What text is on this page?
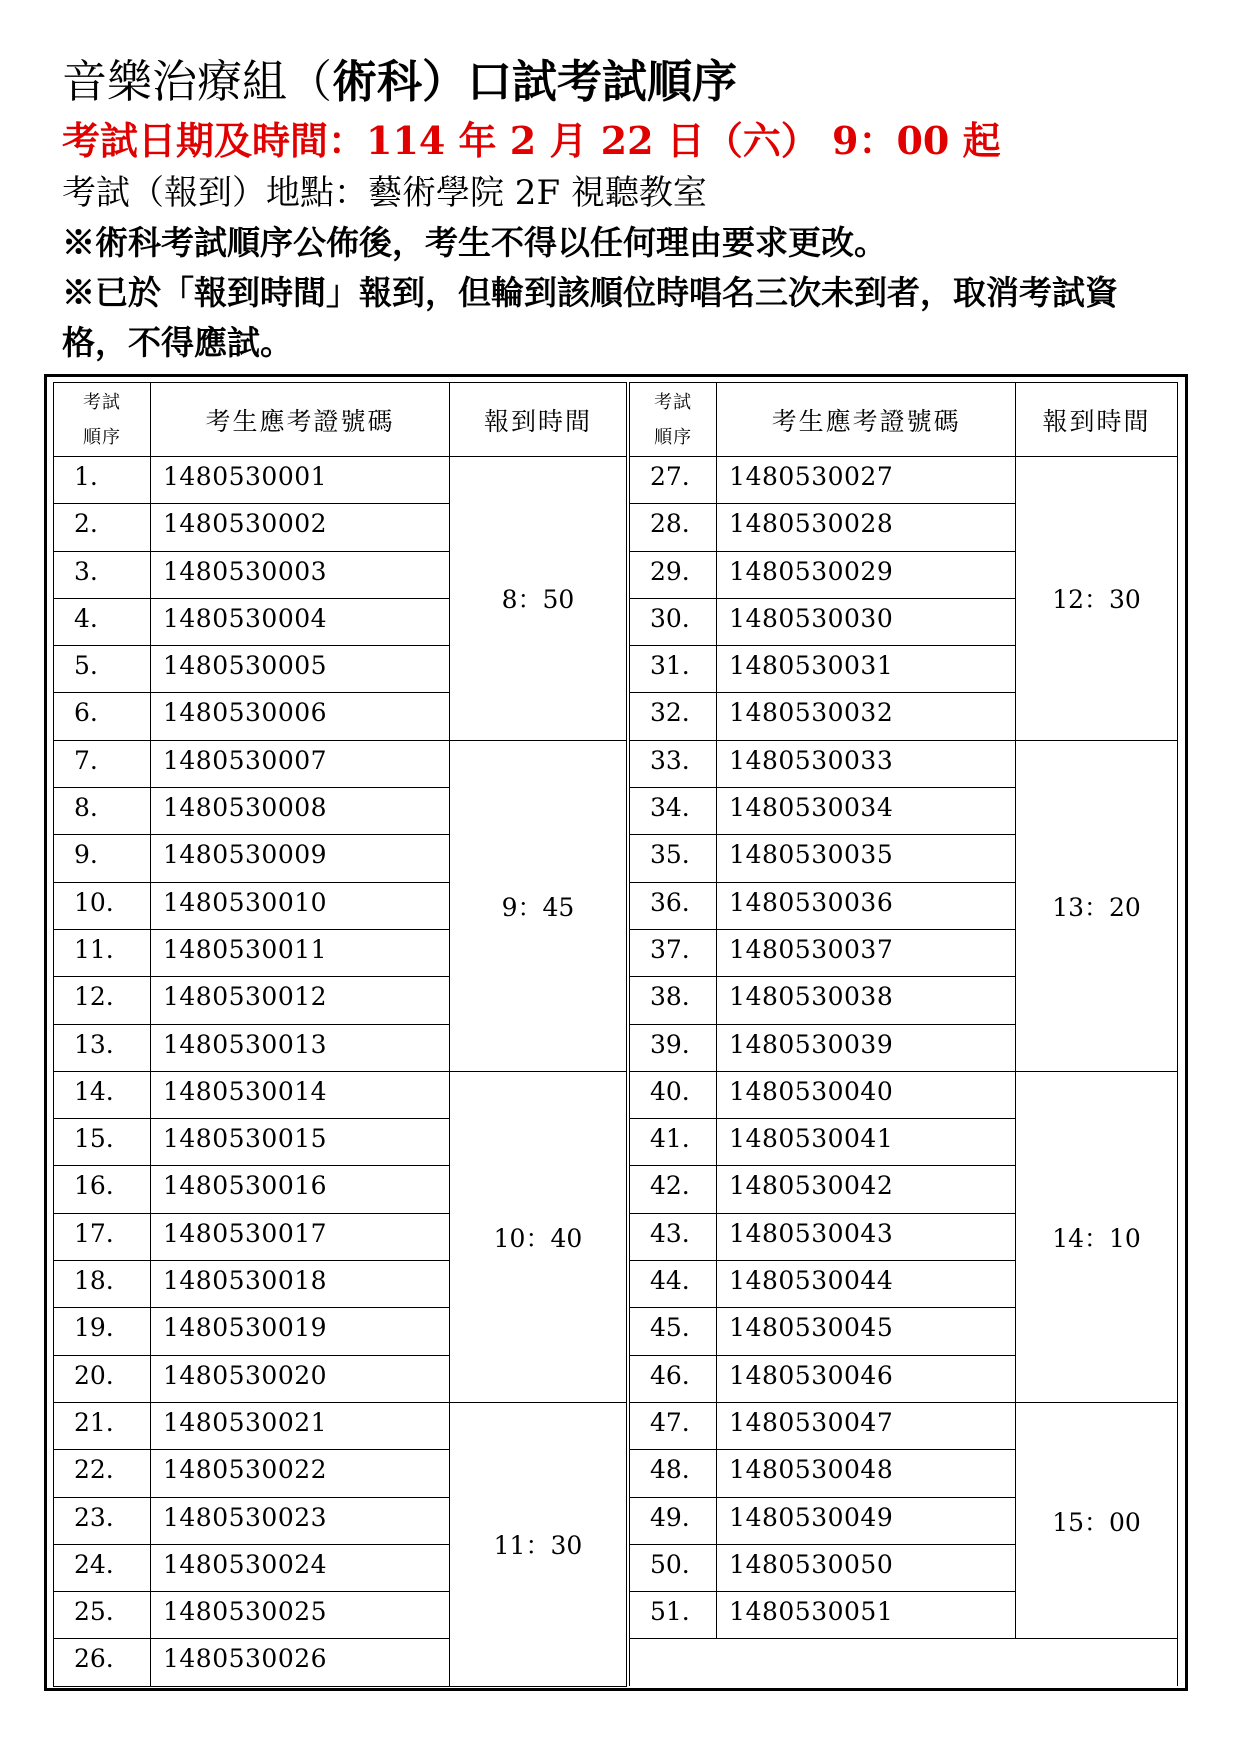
音樂治療組（術科）口試考試順序
考試日期及時間：114 年 2 月 22 日（六） 9：00 起
考試（報到）地點：藝術學院 2F 視聽教室
※術科考試順序公佈後，考生不得以任何理由要求更改。
※已於「報到時間」報到，但輪到該順位時唱名三次未到者，取消考試資格，不得應試。
考試
順序	考生應考證號碼	報到時間
1.	1480530001	8：50
2.	1480530002	
3.	1480530003	
4.	1480530004	
5.	1480530005	
6.	1480530006	
7.	1480530007	9：45
8.	1480530008	
9.	1480530009	
10.	1480530010	
11.	1480530011	
12.	1480530012	
13.	1480530013	
14.	1480530014	10：40
15.	1480530015	
16.	1480530016	
17.	1480530017	
18.	1480530018	
19.	1480530019	
20.	1480530020	
21.	1480530021	11：30
22.	1480530022	
23.	1480530023	
24.	1480530024	
25.	1480530025	
26.	1480530026	
考試
順序	考生應考證號碼	報到時間
27.	1480530027	12：30
28.	1480530028	
29.	1480530029	
30.	1480530030	
31.	1480530031	
32.	1480530032	
33.	1480530033	13：20
34.	1480530034	
35.	1480530035	
36.	1480530036	
37.	1480530037	
38.	1480530038	
39.	1480530039	
40.	1480530040	14：10
41.	1480530041	
42.	1480530042	
43.	1480530043	
44.	1480530044	
45.	1480530045	
46.	1480530046	
47.	1480530047	15：00
48.	1480530048	
49.	1480530049	
50.	1480530050	
51.	1480530051	
